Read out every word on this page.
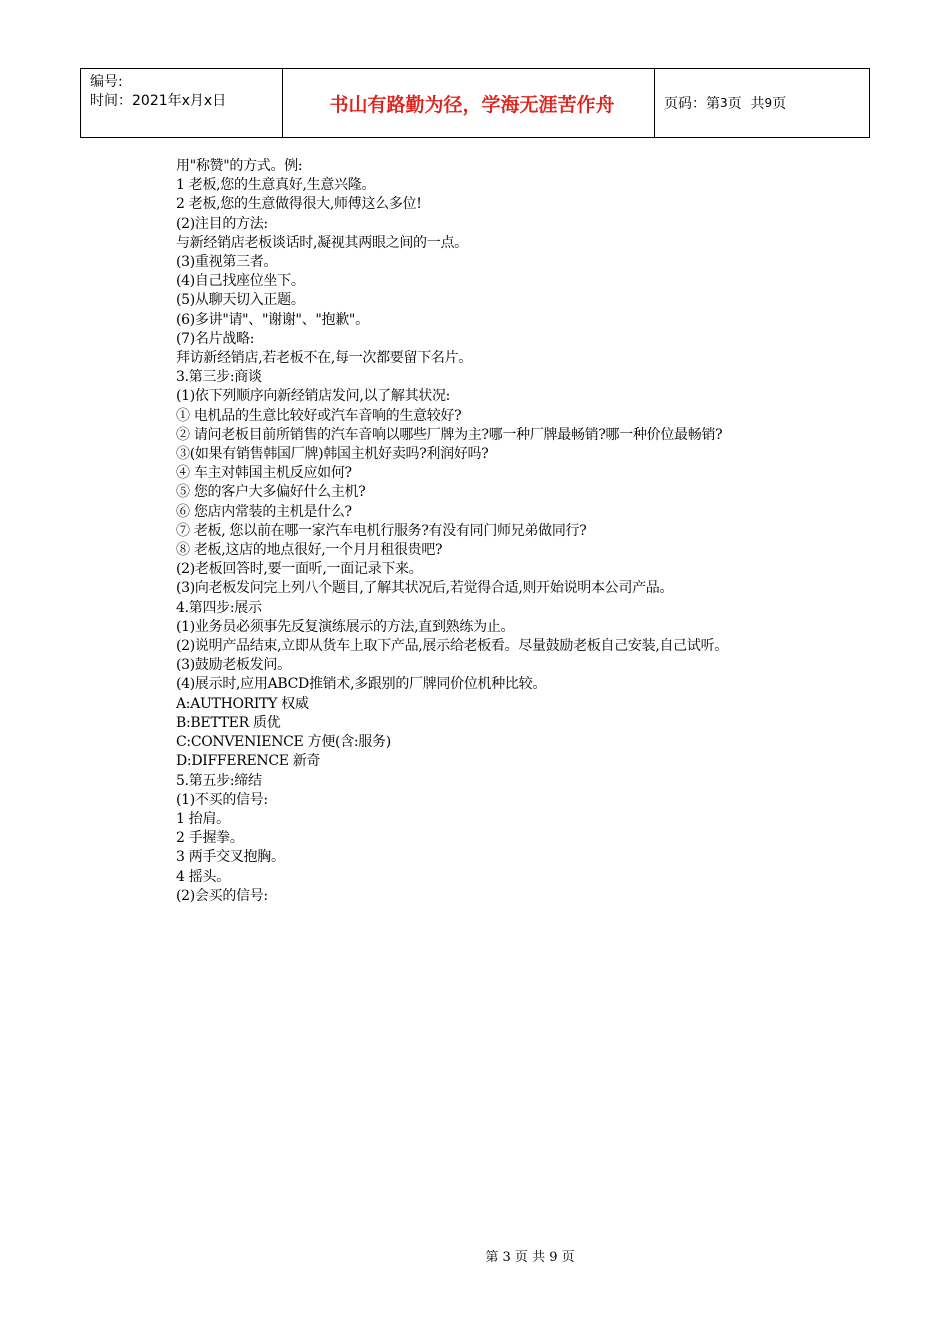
编号:
时间：2021年x月x日	书山有路勤为径，学海无涯苦作舟	页码：第 3 页  共 9 页

用"称赞"的方式。例:

1 老板,您的生意真好,生意兴隆。

2 老板,您的生意做得很大,师傅这么多位!

(2)注目的方法:

与新经销店老板谈话时,凝视其两眼之间的一点。

(3)重视第三者。

(4)自己找座位坐下。

(5)从聊天切入正题。

(6)多讲"请"、"谢谢"、"抱歉"。

(7)名片战略:

拜访新经销店,若老板不在,每一次都要留下名片。

3.第三步:商谈

(1)依下列顺序向新经销店发问,以了解其状况:

① 电机品的生意比较好或汽车音响的生意较好?

② 请问老板目前所销售的汽车音响以哪些厂牌为主?哪一种厂牌最畅销?哪一种价位最畅销?

③(如果有销售韩国厂牌)韩国主机好卖吗?利润好吗?

④ 车主对韩国主机反应如何?

⑤ 您的客户大多偏好什么主机?

⑥ 您店内常装的主机是什么?

⑦ 老板, 您以前在哪一家汽车电机行服务?有没有同门师兄弟做同行?

⑧ 老板,这店的地点很好,一个月月租很贵吧?

(2)老板回答时,要一面听,一面记录下来。

(3)向老板发问完上列八个题目,了解其状况后,若觉得合适,则开始说明本公司产品。

4.第四步:展示

(1)业务员必须事先反复演练展示的方法,直到熟练为止。

(2)说明产品结束,立即从货车上取下产品,展示给老板看。尽量鼓励老板自己安装,自己试听。

(3)鼓励老板发问。

(4)展示时,应用ABCD推销术,多跟别的厂牌同价位机种比较。

A:AUTHORITY 权威

B:BETTER 质优

C:CONVENIENCE 方便(含:服务)

D:DIFFERENCE 新奇

5.第五步:缔结

(1)不买的信号:

1 抬肩。

2 手握拳。

3 两手交叉抱胸。

4 摇头。

(2)会买的信号:

第 3 页 共 9 页
